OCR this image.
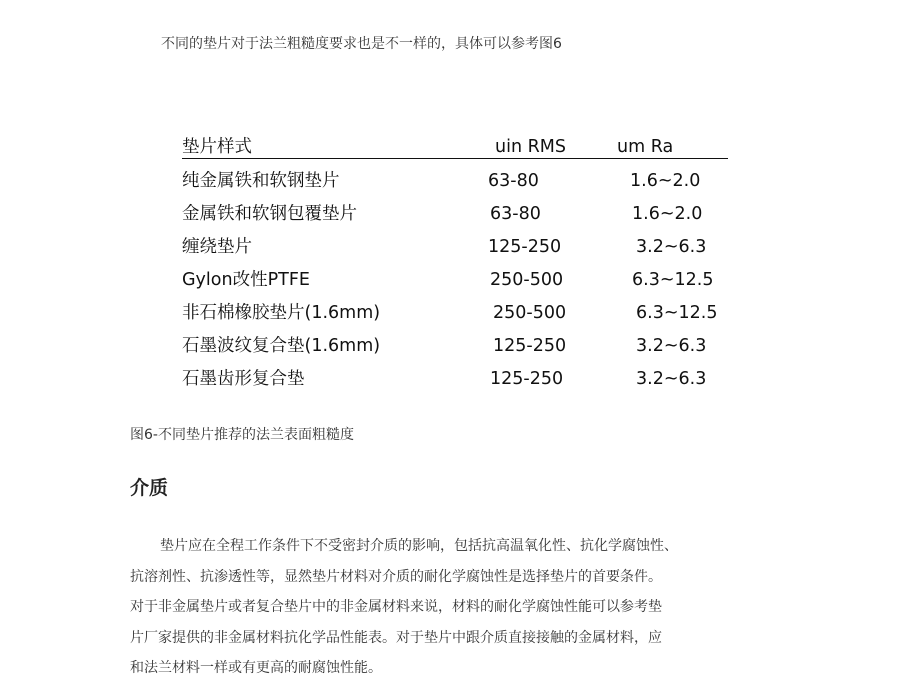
不同的垫片对于法兰粗糙度要求也是不一样的，具体可以参考图6
垫片样式	uin RMS	um Ra
纯金属铁和软钢垫片	63-80	1.6~2.0
金属铁和软钢包覆垫片	63-80	1.6~2.0
缠绕垫片	125-250	3.2~6.3
Gylon改性PTFE	250-500	6.3~12.5
非石棉橡胶垫片(1.6mm)	250-500	6.3~12.5
石墨波纹复合垫(1.6mm)	125-250	3.2~6.3
石墨齿形复合垫	125-250	3.2~6.3
图6-不同垫片推荐的法兰表面粗糙度
介质
垫片应在全程工作条件下不受密封介质的影响，包括抗高温氧化性、抗化学腐蚀性、
抗溶剂性、抗渗透性等，显然垫片材料对介质的耐化学腐蚀性是选择垫片的首要条件。
对于非金属垫片或者复合垫片中的非金属材料来说，材料的耐化学腐蚀性能可以参考垫
片厂家提供的非金属材料抗化学品性能表。对于垫片中跟介质直接接触的金属材料，应
和法兰材料一样或有更高的耐腐蚀性能。
